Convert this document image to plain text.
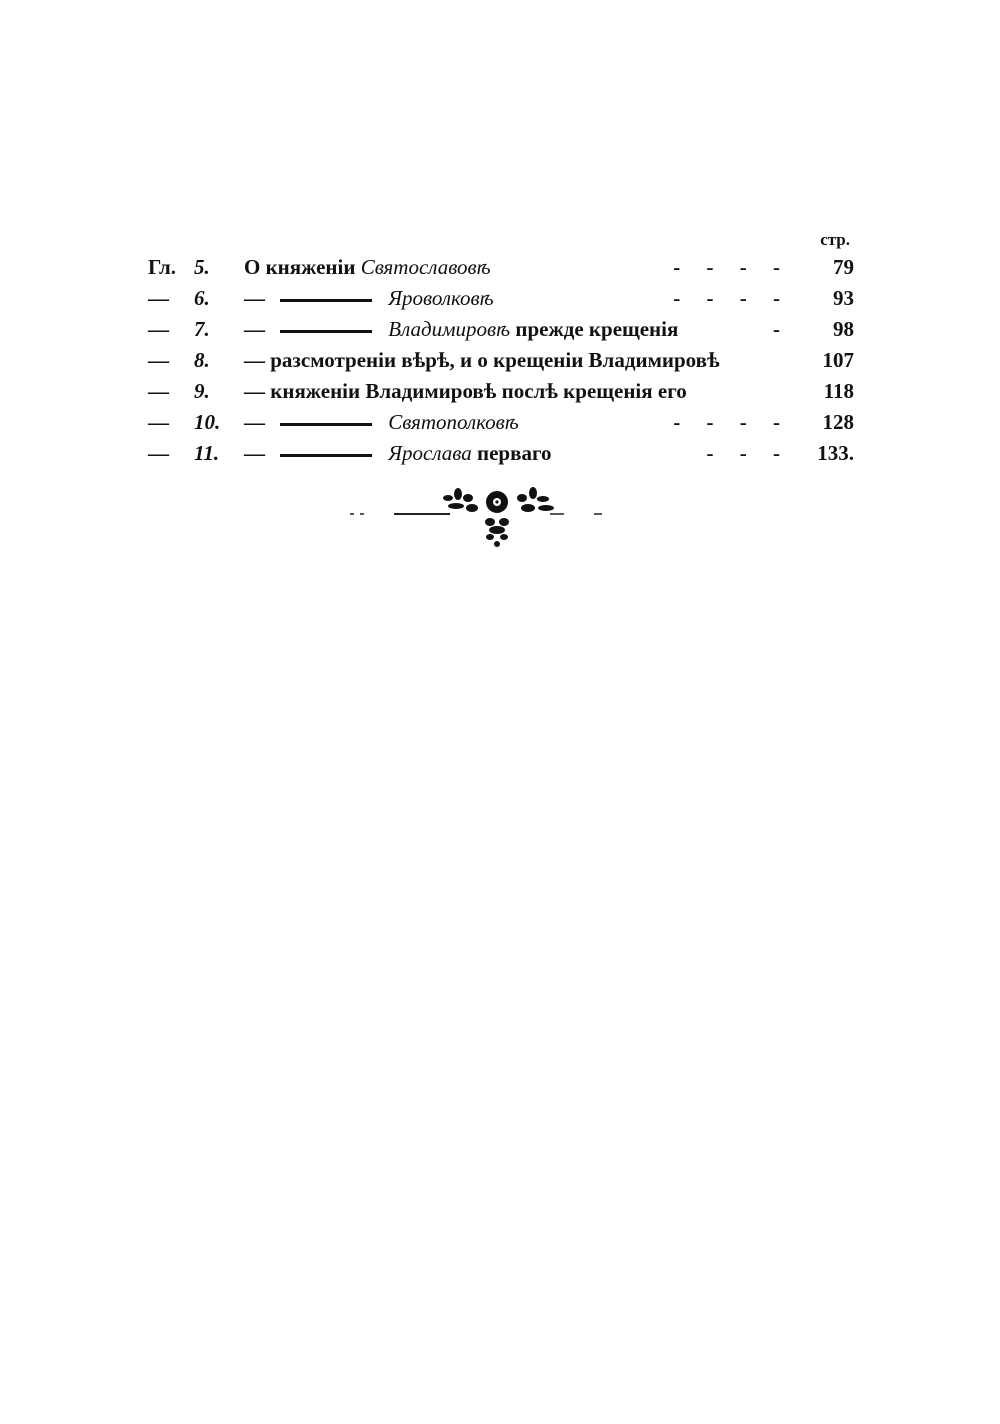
стр.
Гл. 5.	О княженіи Святославовѣ	-     -     -     -	79
—	6.	—	Яроволковѣ	-     -     -     -	93
—	7.	—	Владимировѣ прежде крещенія	-	98
—	8.	— разсмотреніи вѣрѣ, и о крещеніи Владимировѣ	107
—	9.	— княженіи Владимировѣ послѣ крещенія его	118
—	10.	—	Святополковѣ	-     -     -     - 128
—	11.	—	Ярослава перваго	-     -     - 133.
